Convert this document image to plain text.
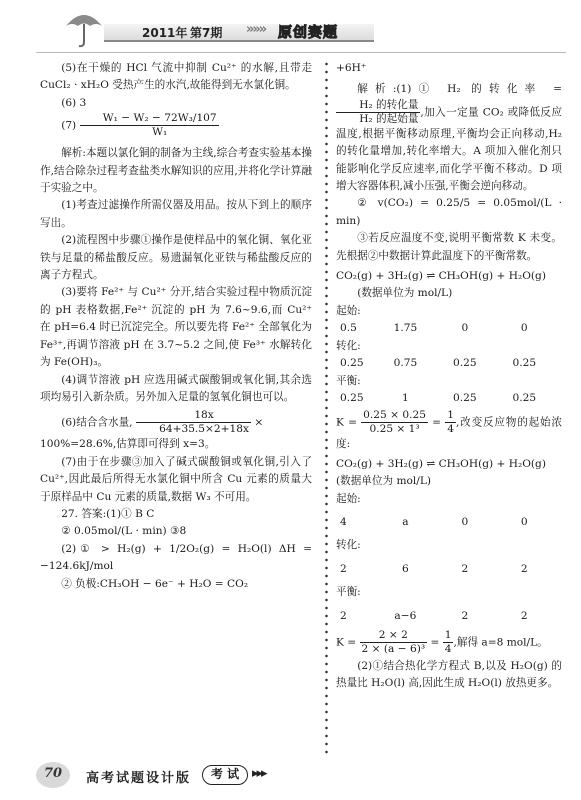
2011年 第7期 »»» 原创赛题

(5)在干燥的 HCl 气流中抑制 Cu²⁺ 的水解,且带走 CuCl₂ · xH₂O 受热产生的水汽,故能得到无水氯化铜。

(6) 3

$(7) \frac{\text{W₁ − W₂ − 72W₃/107}}{\text{W₁}}$

解析:本题以氯化铜的制备为主线,综合考查实验基本操作,结合除杂过程考查盐类水解知识的应用,并将化学计算融于实验之中。

(1)考查过滤操作所需仪器及用品。按从下到上的顺序写出。

(2)流程图中步骤①操作是使样品中的氧化铜、氧化亚铁与足量的稀盐酸反应。易遗漏氧化亚铁与稀盐酸反应的离子方程式。

(3)要将 Fe²⁺ 与 Cu²⁺ 分开,结合实验过程中物质沉淀的 pH 表格数据,Fe²⁺ 沉淀的 pH 为 7.6~9.6,而 Cu²⁺ 在 pH=6.4 时已沉淀完全。所以要先将 Fe²⁺ 全部氧化为 Fe³⁺,再调节溶液 pH 在 3.7~5.2 之间,使 Fe³⁺ 水解转化为 Fe(OH)₃。

(4)调节溶液 pH 应选用碱式碳酸铜或氧化铜,其余选项均易引入新杂质。另外加入足量的氢氧化铜也可以。

(6)结合含水量, $\frac{18x}{64+35.5\times 2+18x}$ ×

100%=28.6%,估算即可得到 x=3。

(7)由于在步骤③加入了碱式碳酸铜或氧化铜,引入了 Cu²⁺,因此最后所得无水氯化铜中所含 Cu 元素的质量大于原样品中 Cu 元素的质量,数据 W₃ 不可用。

27. 答案:(1)① B C

② 0.05mol/(L · min) ③8

(2)① > H₂(g) + 1/2O₂(g) = H₂O(l) ΔH = −124.6kJ/mol

② 负极:CH₃OH − 6e⁻ + H₂O = CO₂

+6H⁺

解析:(1)① H₂ 的转化率 =
$\frac{\text{H₂ 的转化量}}{\text{H₂ 的起始量}}$ ,加入一定量 CO₂ 或降低反应温度,根据平衡移动原理,平衡均会正向移动,H₂ 的转化量增加,转化率增大。A 项加入催化剂只能影响化学反应速率,而化学平衡不移动。D 项增大容器体积,减小压强,平衡会逆向移动。

② v(CO₂) = 0.25/5 = 0.05mol/(L · min)

③若反应温度不变,说明平衡常数 K 未变。先根据②中数据计算此温度下的平衡常数。

CO₂(g) + 3H₂(g) ⇌ CH₃OH(g) + H₂O(g)

(数据单位为 mol/L)

起始:

0.5	1.75	0	0

转化:

0.25	0.75	0.25	0.25

平衡:

0.25	1	0.25	0.25

$K = \frac{0.25 \times 0.25}{\text{0.25 × 1³}} = \frac{1}{4}$ ,改变反应物的起始浓度:

CO₂(g) + 3H₂(g) ⇌ CH₃OH(g) + H₂O(g)

(数据单位为 mol/L)

起始:

4	a	0	0

转化:

2	6	2	2

平衡:

2	a−6	2	2

$K = \frac{2 \times 2}{\text{2 × (a − 6)³}} = \frac{1}{4}$ ,解得 a=8 mol/L。

(2)①结合热化学方程式 B,以及 H₂O(g) 的热量比 H₂O(l) 高,因此生成 H₂O(l) 放热更多。

70 高考试题设计版	考 试 ▸▸▸
